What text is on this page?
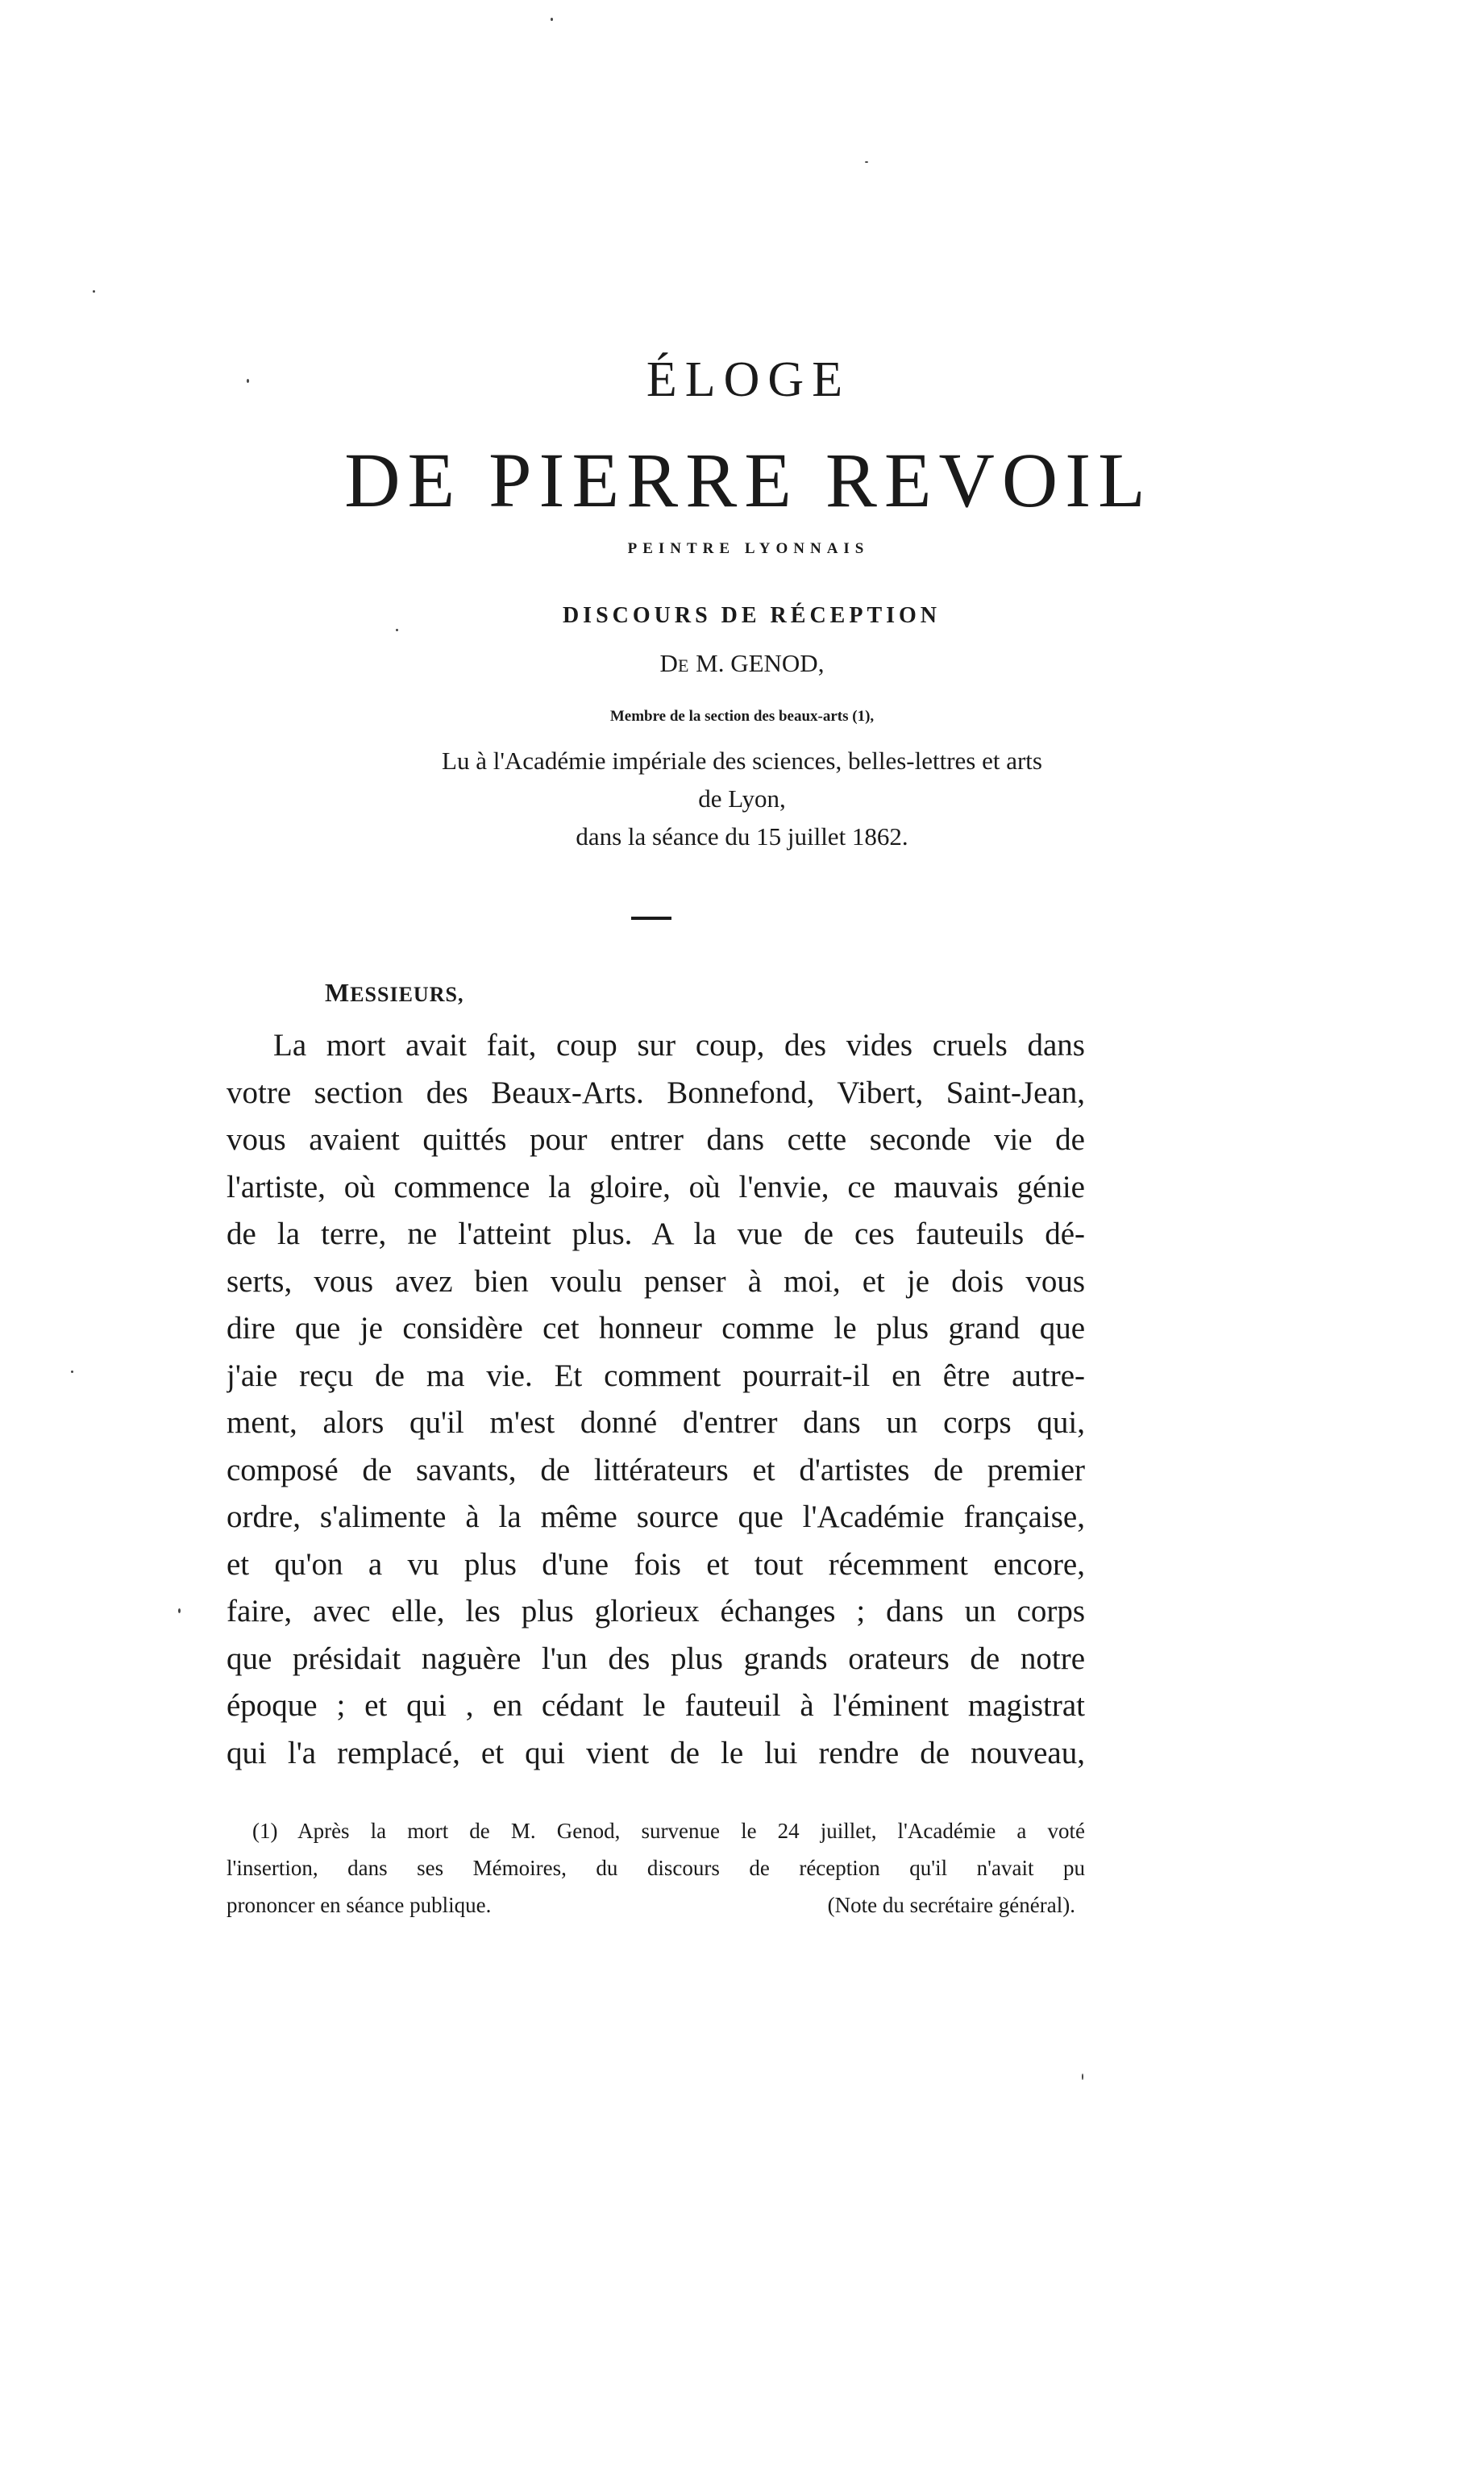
ÉLOGE
DE PIERRE REVOIL
PEINTRE LYONNAIS
DISCOURS DE RÉCEPTION
DE M. GENOD,
Membre de la section des beaux-arts (1),
Lu à l'Académie impériale des sciences, belles-lettres et arts
de Lyon,
dans la séance du 15 juillet 1862.
MESSIEURS,
La mort avait fait, coup sur coup, des vides cruels dans
votre section des Beaux-Arts. Bonnefond, Vibert, Saint-Jean,
vous avaient quittés pour entrer dans cette seconde vie de
l'artiste, où commence la gloire, où l'envie, ce mauvais génie
de la terre, ne l'atteint plus. A la vue de ces fauteuils dé-
serts, vous avez bien voulu penser à moi, et je dois vous
dire que je considère cet honneur comme le plus grand que
j'aie reçu de ma vie. Et comment pourrait-il en être autre-
ment, alors qu'il m'est donné d'entrer dans un corps qui,
composé de savants, de littérateurs et d'artistes de premier
ordre, s'alimente à la même source que l'Académie française,
et qu'on a vu plus d'une fois et tout récemment encore,
faire, avec elle, les plus glorieux échanges ; dans un corps
que présidait naguère l'un des plus grands orateurs de notre
époque ; et qui , en cédant le fauteuil à l'éminent magistrat
qui l'a remplacé, et qui vient de le lui rendre de nouveau,
(1) Après la mort de M. Genod, survenue le 24 juillet, l'Académie a voté
l'insertion, dans ses Mémoires, du discours de réception qu'il n'avait pu
prononcer en séance publique.	(Note du secrétaire général).
